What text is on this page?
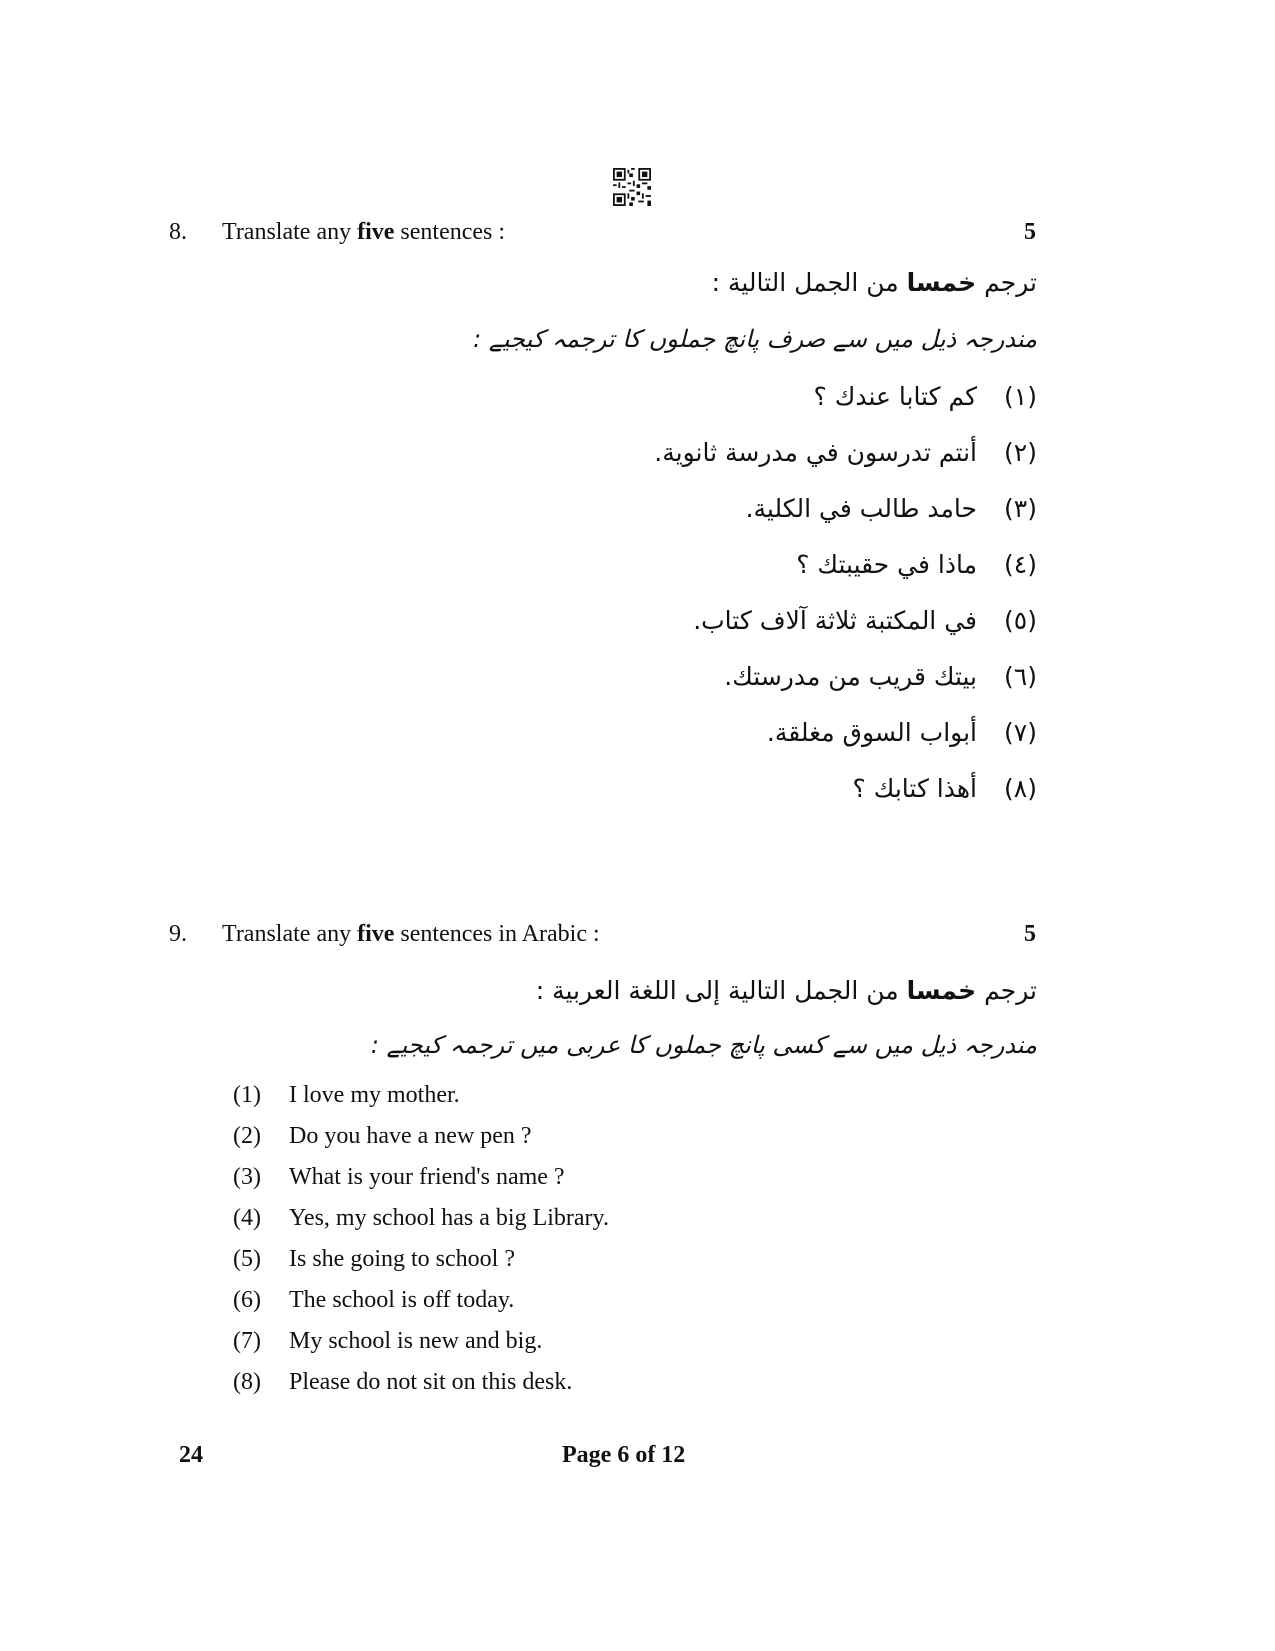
8. Translate any five sentences :	5
ترجم خمسا من الجمل التالية :
مندرجہ ذیل میں سے صرف پانچ جملوں کا ترجمہ کیجیے :
(١)
كم كتابا عندك ؟
(٢)
أنتم تدرسون في مدرسة ثانوية.
(٣)
حامد طالب في الكلية.
(٤)
ماذا في حقيبتك ؟
(٥)
في المكتبة ثلاثة آلاف كتاب.
(٦)
بيتك قريب من مدرستك.
(٧)
أبواب السوق مغلقة.
(٨)
أهذا كتابك ؟
9. Translate any five sentences in Arabic :	5
ترجم خمسا من الجمل التالية إلى اللغة العربية :
مندرجہ ذیل میں سے کسی پانچ جملوں کا عربی میں ترجمہ کیجیے :
(1) I love my mother.
(2) Do you have a new pen ?
(3) What is your friend's name ?
(4) Yes, my school has a big Library.
(5) Is she going to school ?
(6) The school is off today.
(7) My school is new and big.
(8) Please do not sit on this desk.
24	Page 6 of 12
